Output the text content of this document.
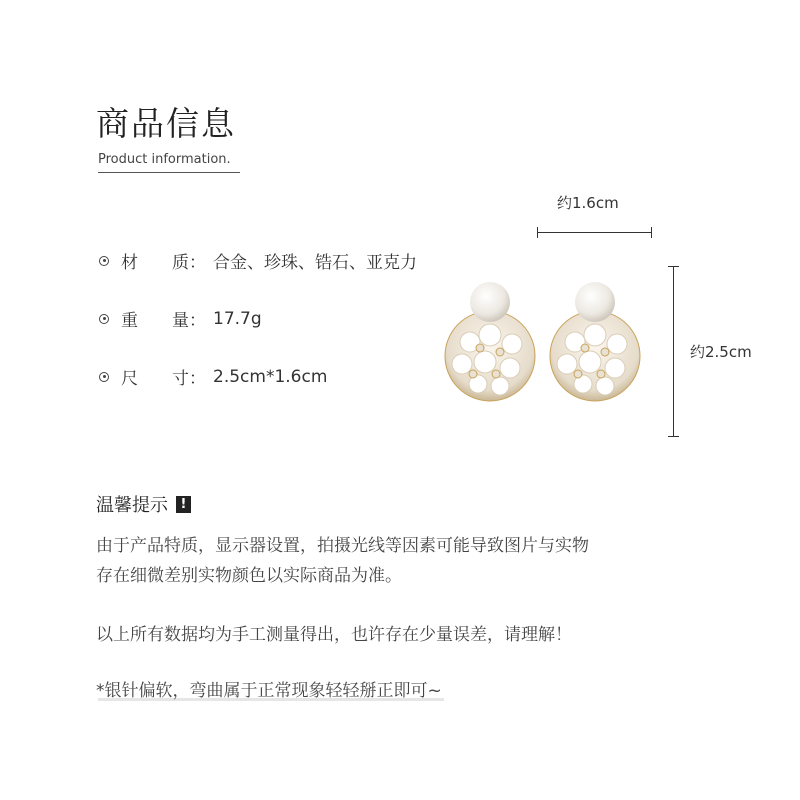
商品信息
Product information.
材　　质： 合金、珍珠、锆石、亚克力
重　　量： 17.7g
尺　　寸： 2.5cm*1.6cm
约1.6cm
约2.5cm
温馨提示 !
由于产品特质，显示器设置，拍摄光线等因素可能导致图片与实物
存在细微差别实物颜色以实际商品为准。
以上所有数据均为手工测量得出，也许存在少量误差，请理解！
*银针偏软，弯曲属于正常现象轻轻掰正即可~
